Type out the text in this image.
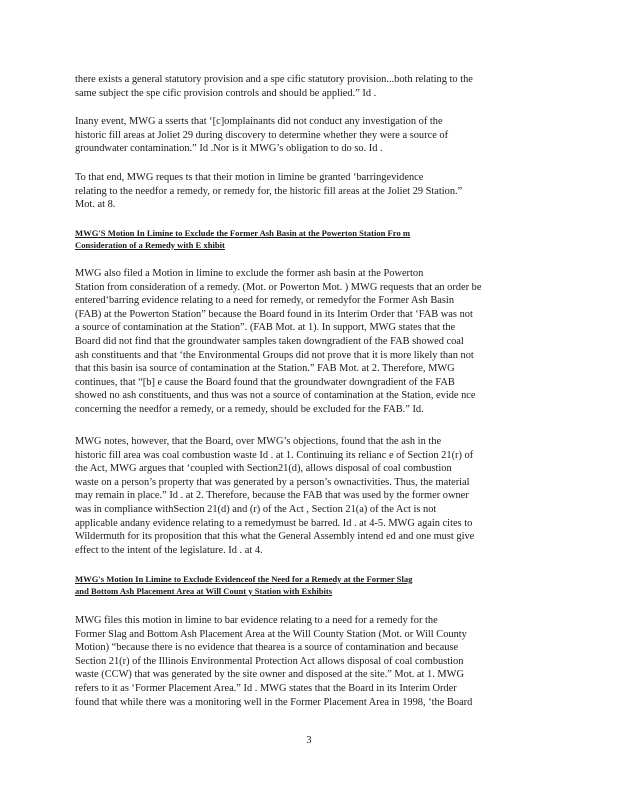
there exists a general statutory provision and a spe cific statutory provision...both relating to the
same subject the spe cific provision controls and should be applied.” Id .

Inany event, MWG a sserts that ‘[c]omplainants did not conduct any investigation of the
historic fill areas at Joliet 29 during discovery to determine whether they were a source of
groundwater contamination.” Id .Nor is it MWG’s obligation to do so. Id .

To that end, MWG reques ts that their motion in limine be granted ‘barringevidence
relating to the needfor a remedy, or remedy for, the historic fill areas at the Joliet 29 Station.”
Mot. at 8.

MWG'S Motion In Limine to Exclude the Former Ash Basin at the Powerton Station Fro m
Consideration of a Remedy with E xhibit

MWG also filed a Motion in limine to exclude the former ash basin at the Powerton
Station from consideration of a remedy. (Mot. or Powerton Mot. ) MWG requests that an order be
entered‘barring evidence relating to a need for remedy, or remedyfor the Former Ash Basin
(FAB) at the Powerton Station” because the Board found in its Interim Order that ‘FAB was not
a source of contamination at the Station”. (FAB Mot. at 1). In support, MWG states that the
Board did not find that the groundwater samples taken downgradient of the FAB showed coal
ash constituents and that ‘the Environmental Groups did not prove that it is more likely than not
that this basin isa source of contamination at the Station.” FAB Mot. at 2. Therefore, MWG
continues, that “[b] e cause the Board found that the groundwater downgradient of the FAB
showed no ash constituents, and thus was not a source of contamination at the Station, evide nce
concerning the needfor a remedy, or a remedy, should be excluded for the FAB.” Id.

MWG notes, however, that the Board, over MWG’s objections, found that the ash in the
historic fill area was coal combustion waste Id . at 1. Continuing its relianc e of Section 21(r) of
the Act, MWG argues that ‘coupled with Section21(d), allows disposal of coal combustion
waste on a person’s property that was generated by a person’s ownactivities. Thus, the material
may remain in place.” Id . at 2. Therefore, because the FAB that was used by the former owner
was in compliance withSection 21(d) and (r) of the Act , Section 21(a) of the Act is not
applicable andany evidence relating to a remedymust be barred. Id . at 4-5. MWG again cites to
Wildermuth for its proposition that this what the General Assembly intend ed and one must give
effect to the intent of the legislature. Id . at 4.

MWG's Motion In Limine to Exclude Evidenceof the Need for a Remedy at the Former Slag
and Bottom Ash Placement Area at Will Count y Station with Exhibits

MWG files this motion in limine to bar evidence relating to a need for a remedy for the
Former Slag and Bottom Ash Placement Area at the Will County Station (Mot. or Will County
Motion) “because there is no evidence that thearea is a source of contamination and because
Section 21(r) of the Illinois Environmental Protection Act allows disposal of coal combustion
waste (CCW) that was generated by the site owner and disposed at the site.” Mot. at 1. MWG
refers to it as ‘Former Placement Area.” Id . MWG states that the Board in its Interim Order
found that while there was a monitoring well in the Former Placement Area in 1998, ‘the Board

3
